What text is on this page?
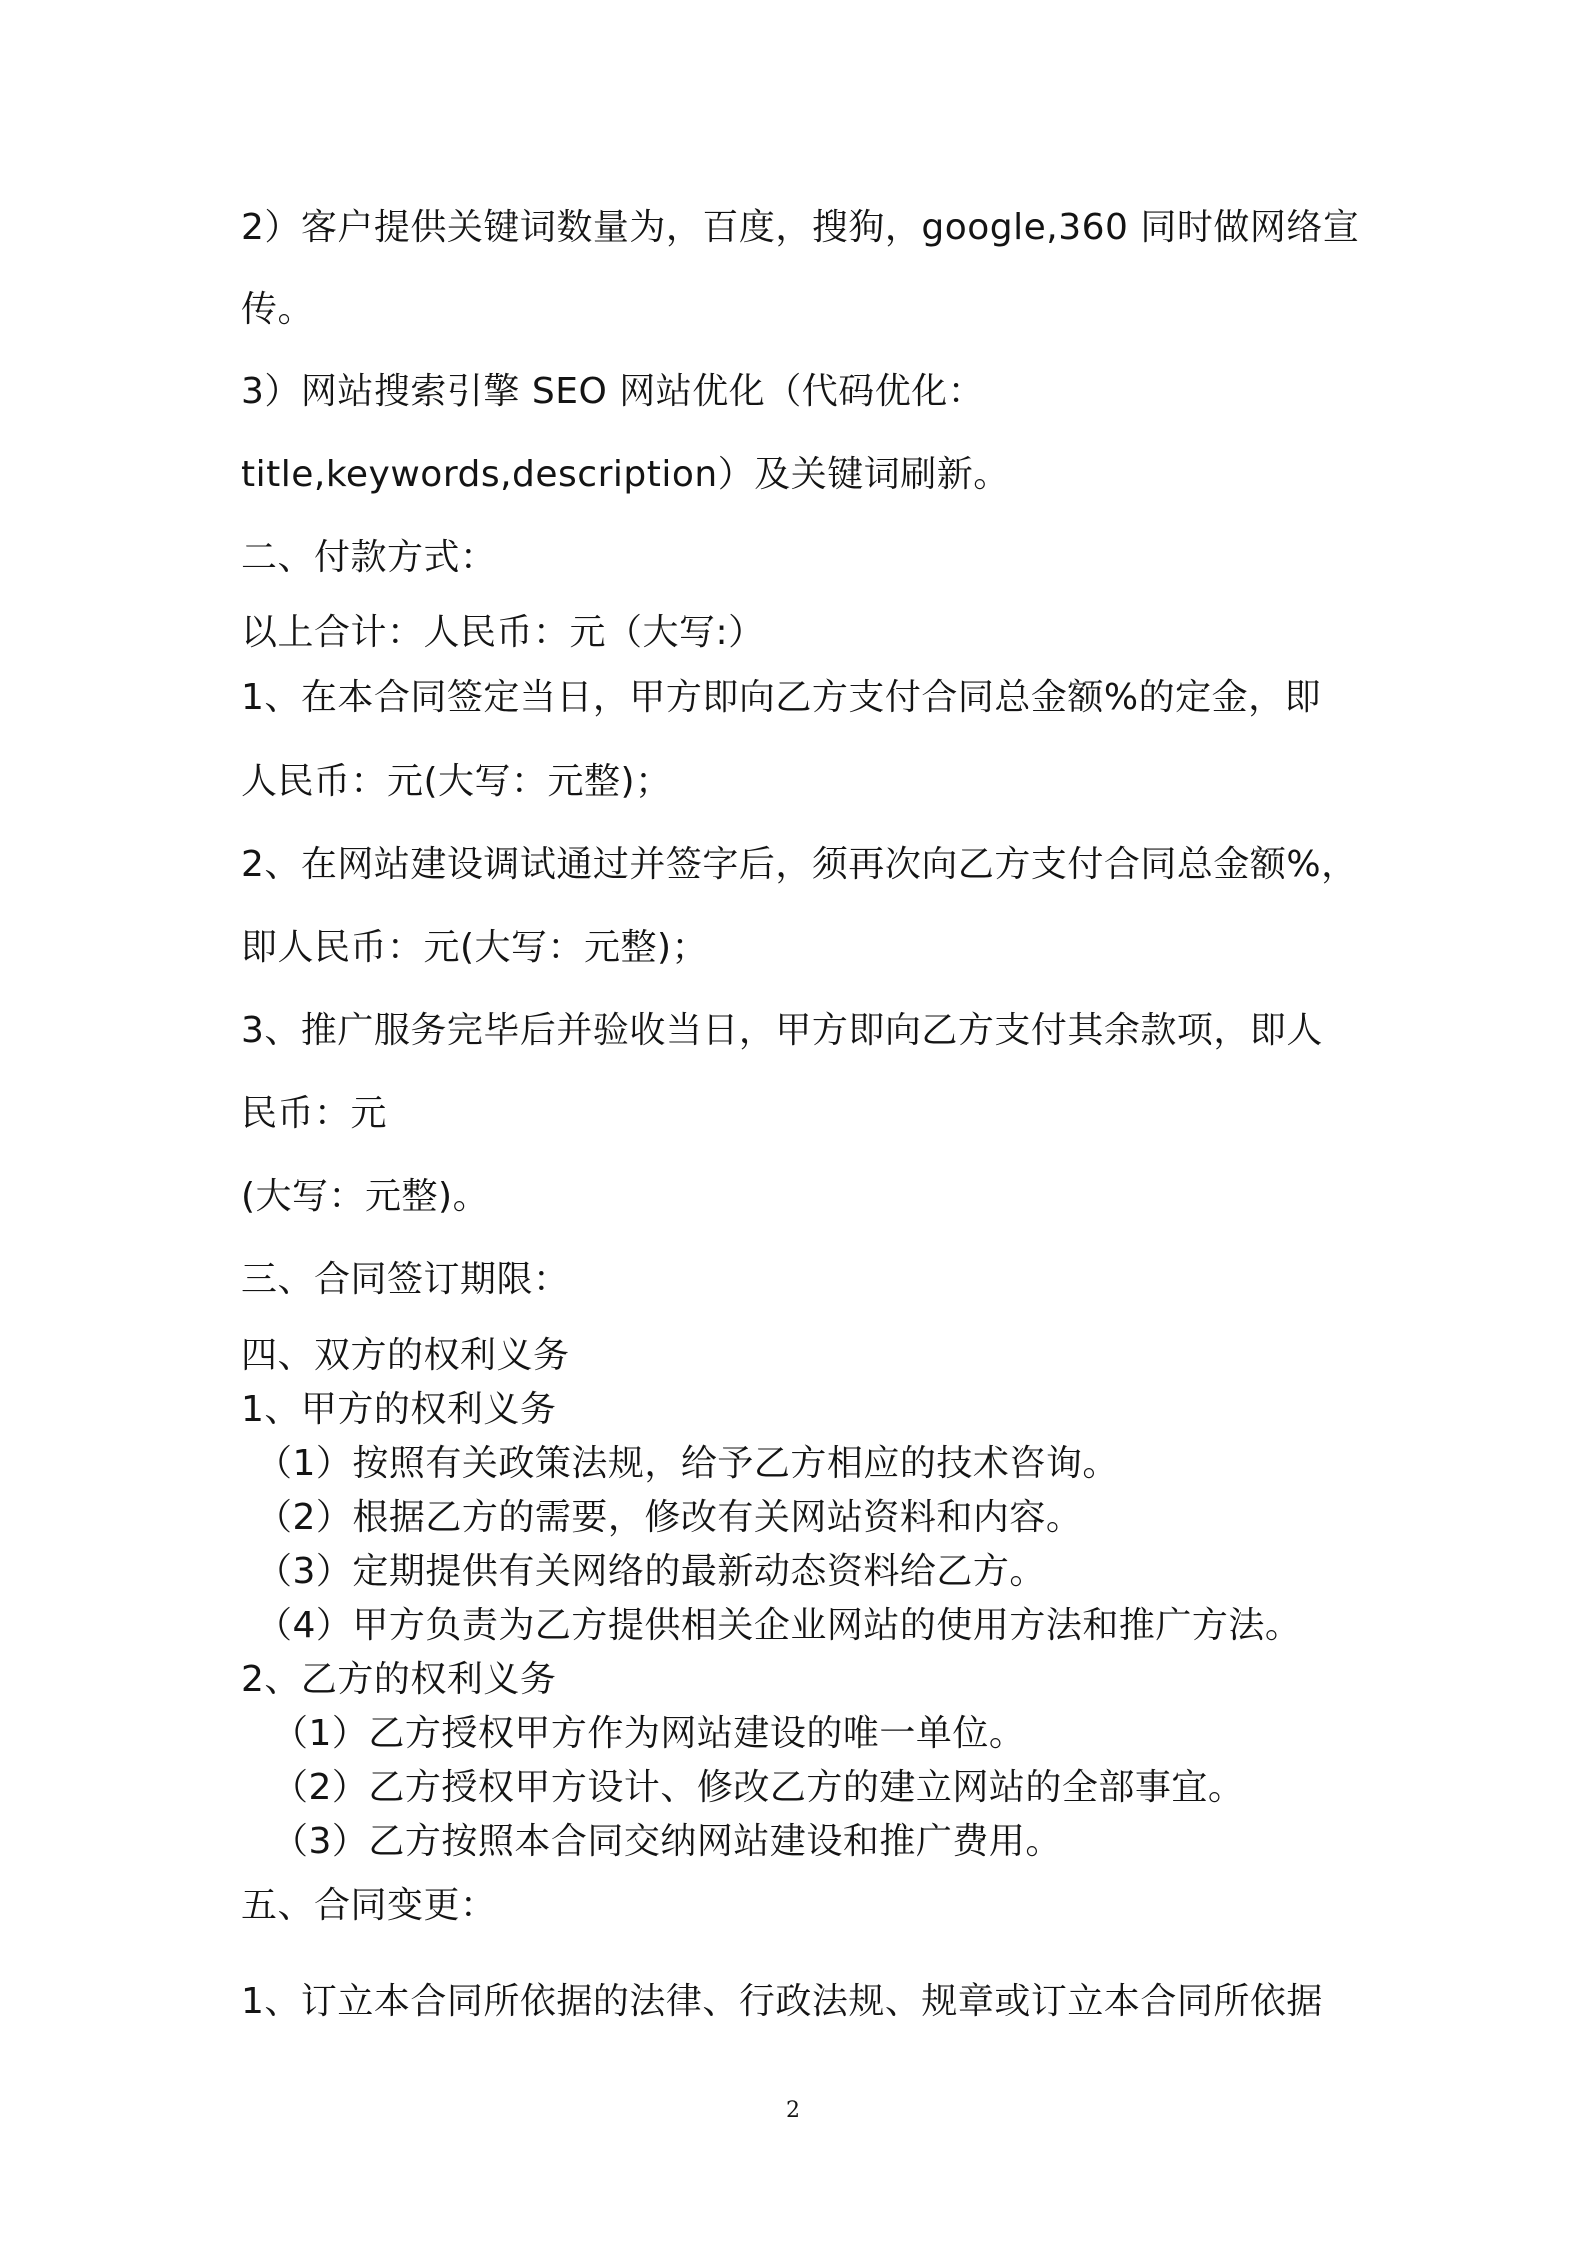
2）客户提供关键词数量为，百度，搜狗，google,360 同时做网络宣

传。

3）网站搜索引擎 SEO 网站优化（代码优化：

title,keywords,description）及关键词刷新。

二、付款方式：

以上合计：人民币：元（大写:）

1、在本合同签定当日，甲方即向乙方支付合同总金额%的定金，即

人民币：元(大写：元整)；

2、在网站建设调试通过并签字后，须再次向乙方支付合同总金额%，

即人民币：元(大写：元整)；

3、推广服务完毕后并验收当日，甲方即向乙方支付其余款项，即人

民币：元

(大写：元整)。

三、合同签订期限：

四、双方的权利义务

1、甲方的权利义务

（1）按照有关政策法规，给予乙方相应的技术咨询。

（2）根据乙方的需要，修改有关网站资料和内容。

（3）定期提供有关网络的最新动态资料给乙方。

（4）甲方负责为乙方提供相关企业网站的使用方法和推广方法。

2、乙方的权利义务

（1）乙方授权甲方作为网站建设的唯一单位。

（2）乙方授权甲方设计、修改乙方的建立网站的全部事宜。

（3）乙方按照本合同交纳网站建设和推广费用。

五、合同变更：

1、订立本合同所依据的法律、行政法规、规章或订立本合同所依据

2
